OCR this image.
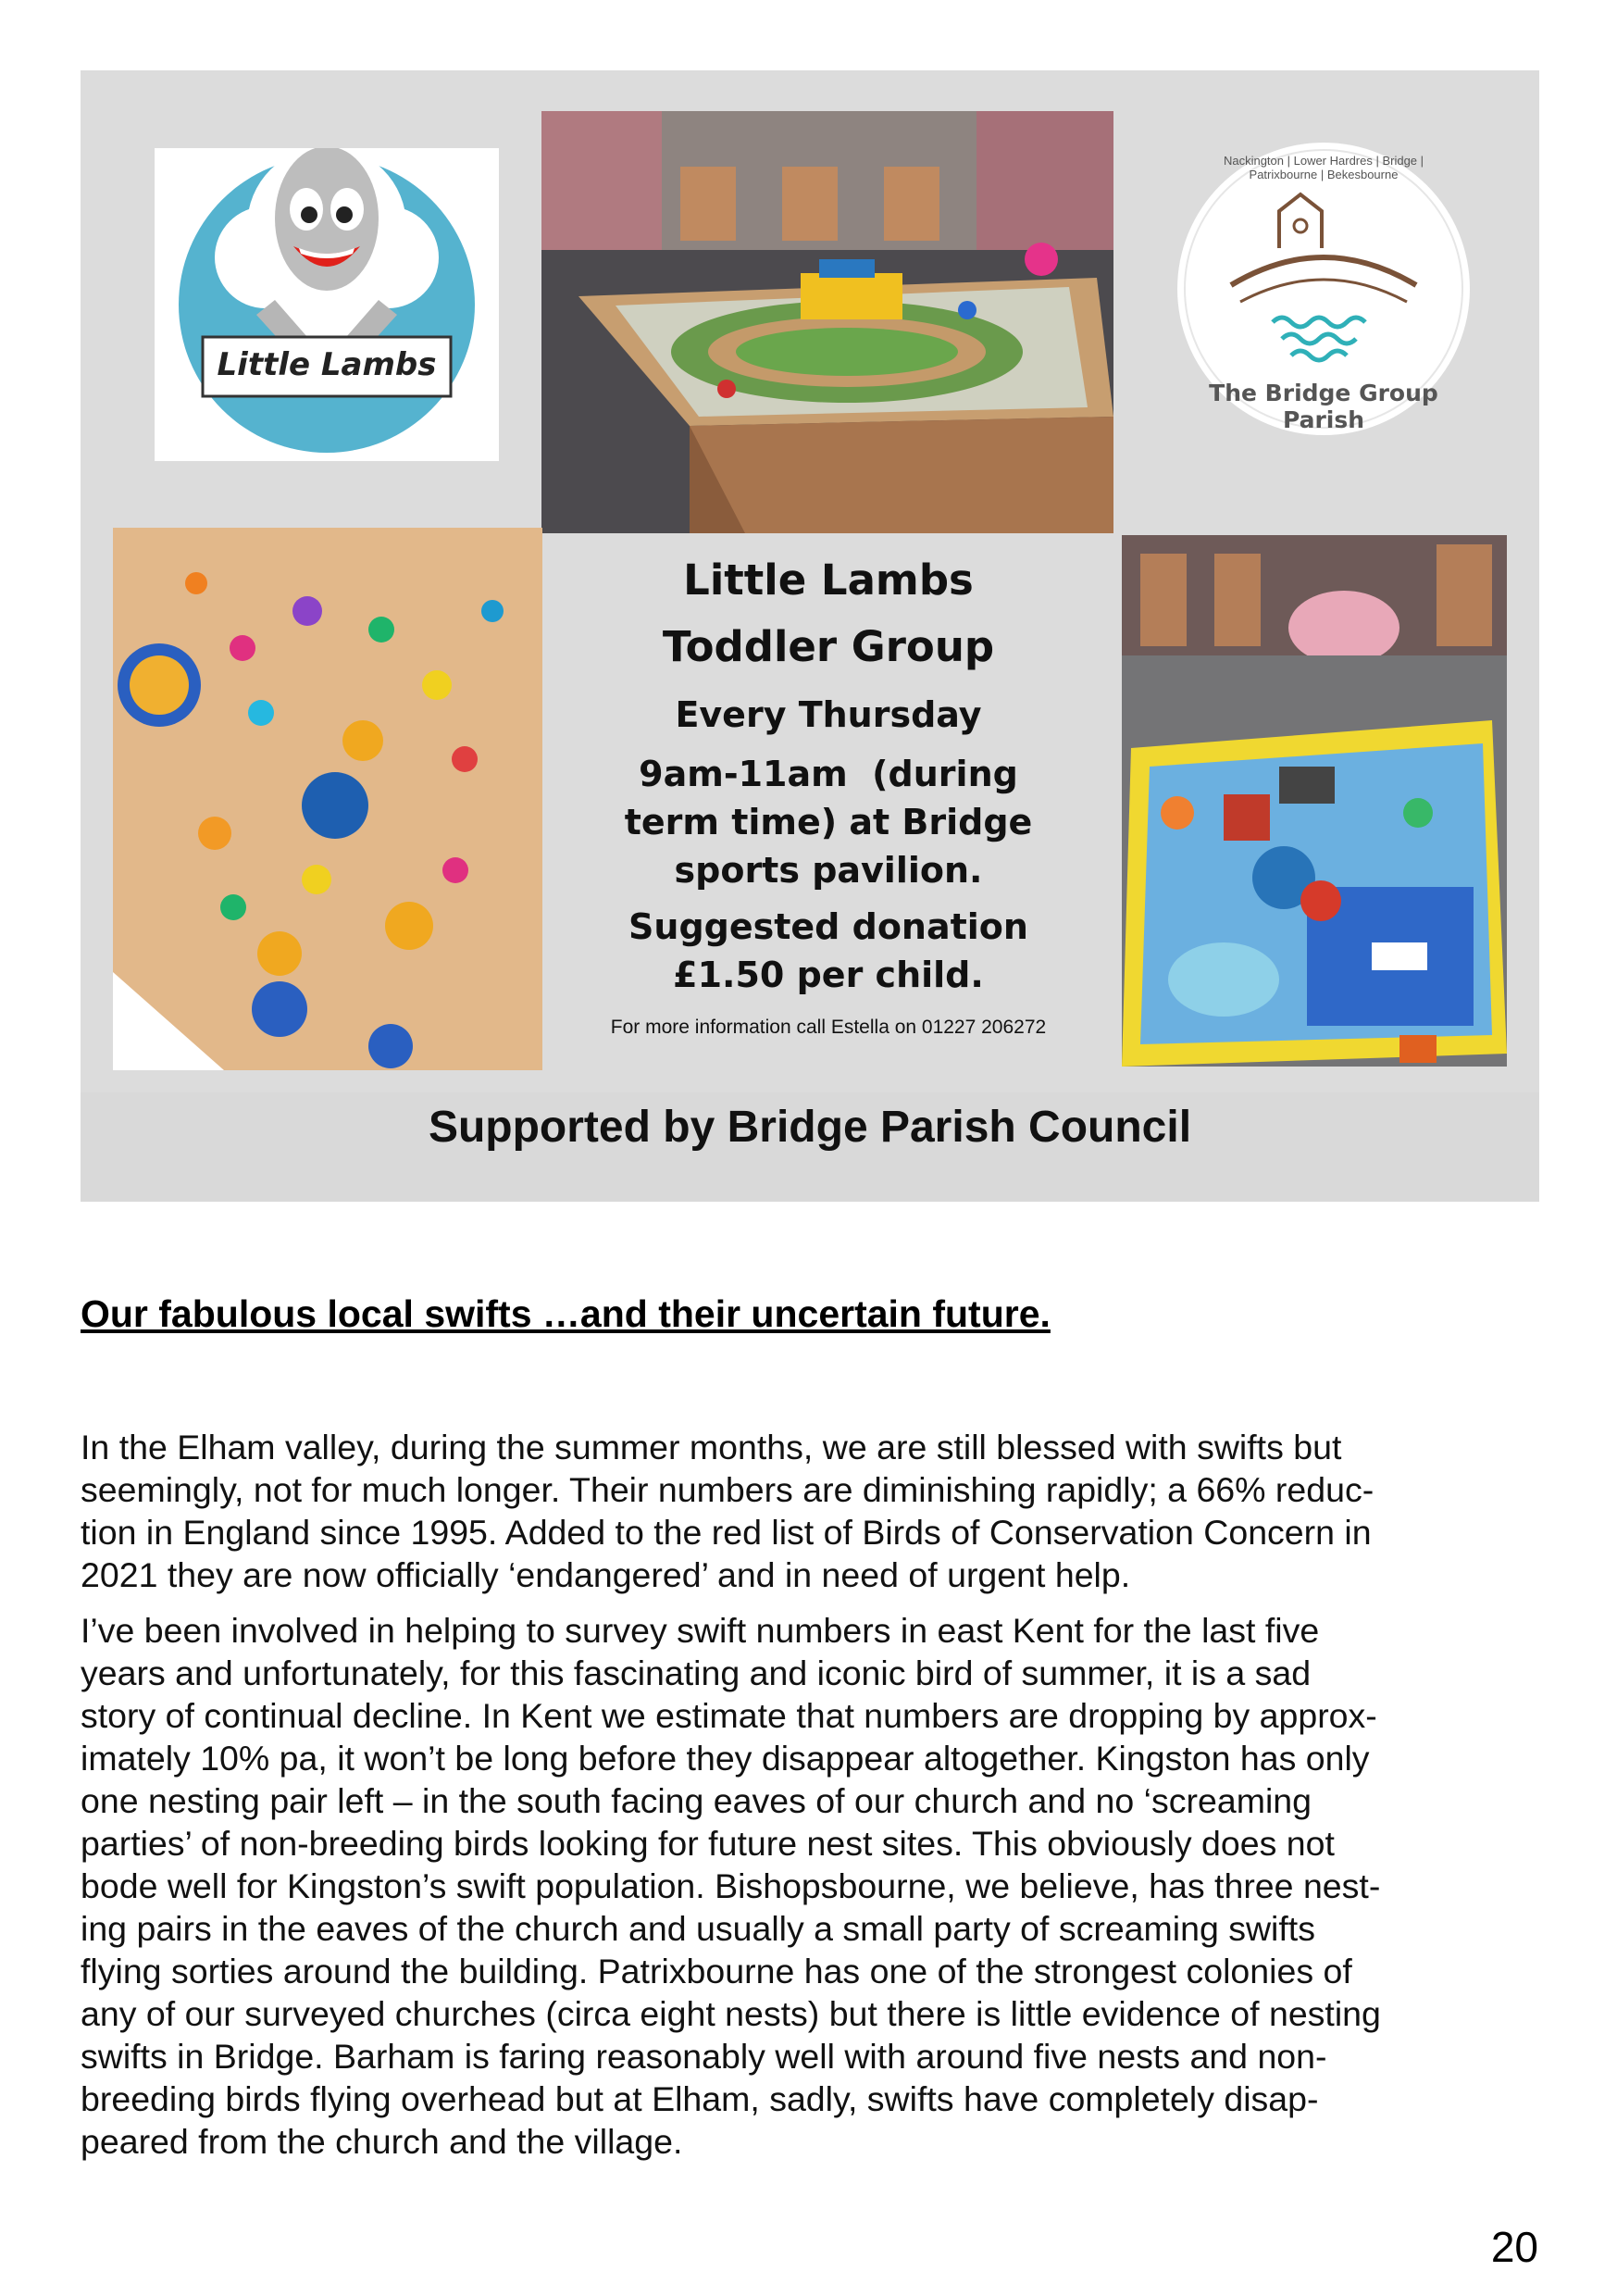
Little Lambs
Nackington | Lower Hardres | Bridge | Patrixbourne | Bekesbourne
The Bridge Group Parish
Little Lambs
Toddler Group
Every Thursday
9am-11am  (during
term time) at Bridge
sports pavilion.
Suggested donation
£1.50 per child.
For more information call Estella on 01227 206272
Supported by Bridge Parish Council
Our fabulous local swifts …and their uncertain future.

In the Elham valley, during the summer months, we are still blessed with swifts but
seemingly, not for much longer. Their numbers are diminishing rapidly; a 66% reduc-
tion in England since 1995. Added to the red list of Birds of Conservation Concern in
2021 they are now officially ‘endangered’ and in need of urgent help.

I’ve been involved in helping to survey swift numbers in east Kent for the last five
years and unfortunately, for this fascinating and iconic bird of summer, it is a sad
story of continual decline. In Kent we estimate that numbers are dropping by approx-
imately 10% pa, it won’t be long before they disappear altogether. Kingston has only
one nesting pair left – in the south facing eaves of our church and no ‘screaming
parties’ of non-breeding birds looking for future nest sites. This obviously does not
bode well for Kingston’s swift population. Bishopsbourne, we believe, has three nest-
ing pairs in the eaves of the church and usually a small party of screaming swifts
flying sorties around the building. Patrixbourne has one of the strongest colonies of
any of our surveyed churches (circa eight nests) but there is little evidence of nesting
swifts in Bridge. Barham is faring reasonably well with around five nests and non-
breeding birds flying overhead but at Elham, sadly, swifts have completely disap-
peared from the church and the village.

20
